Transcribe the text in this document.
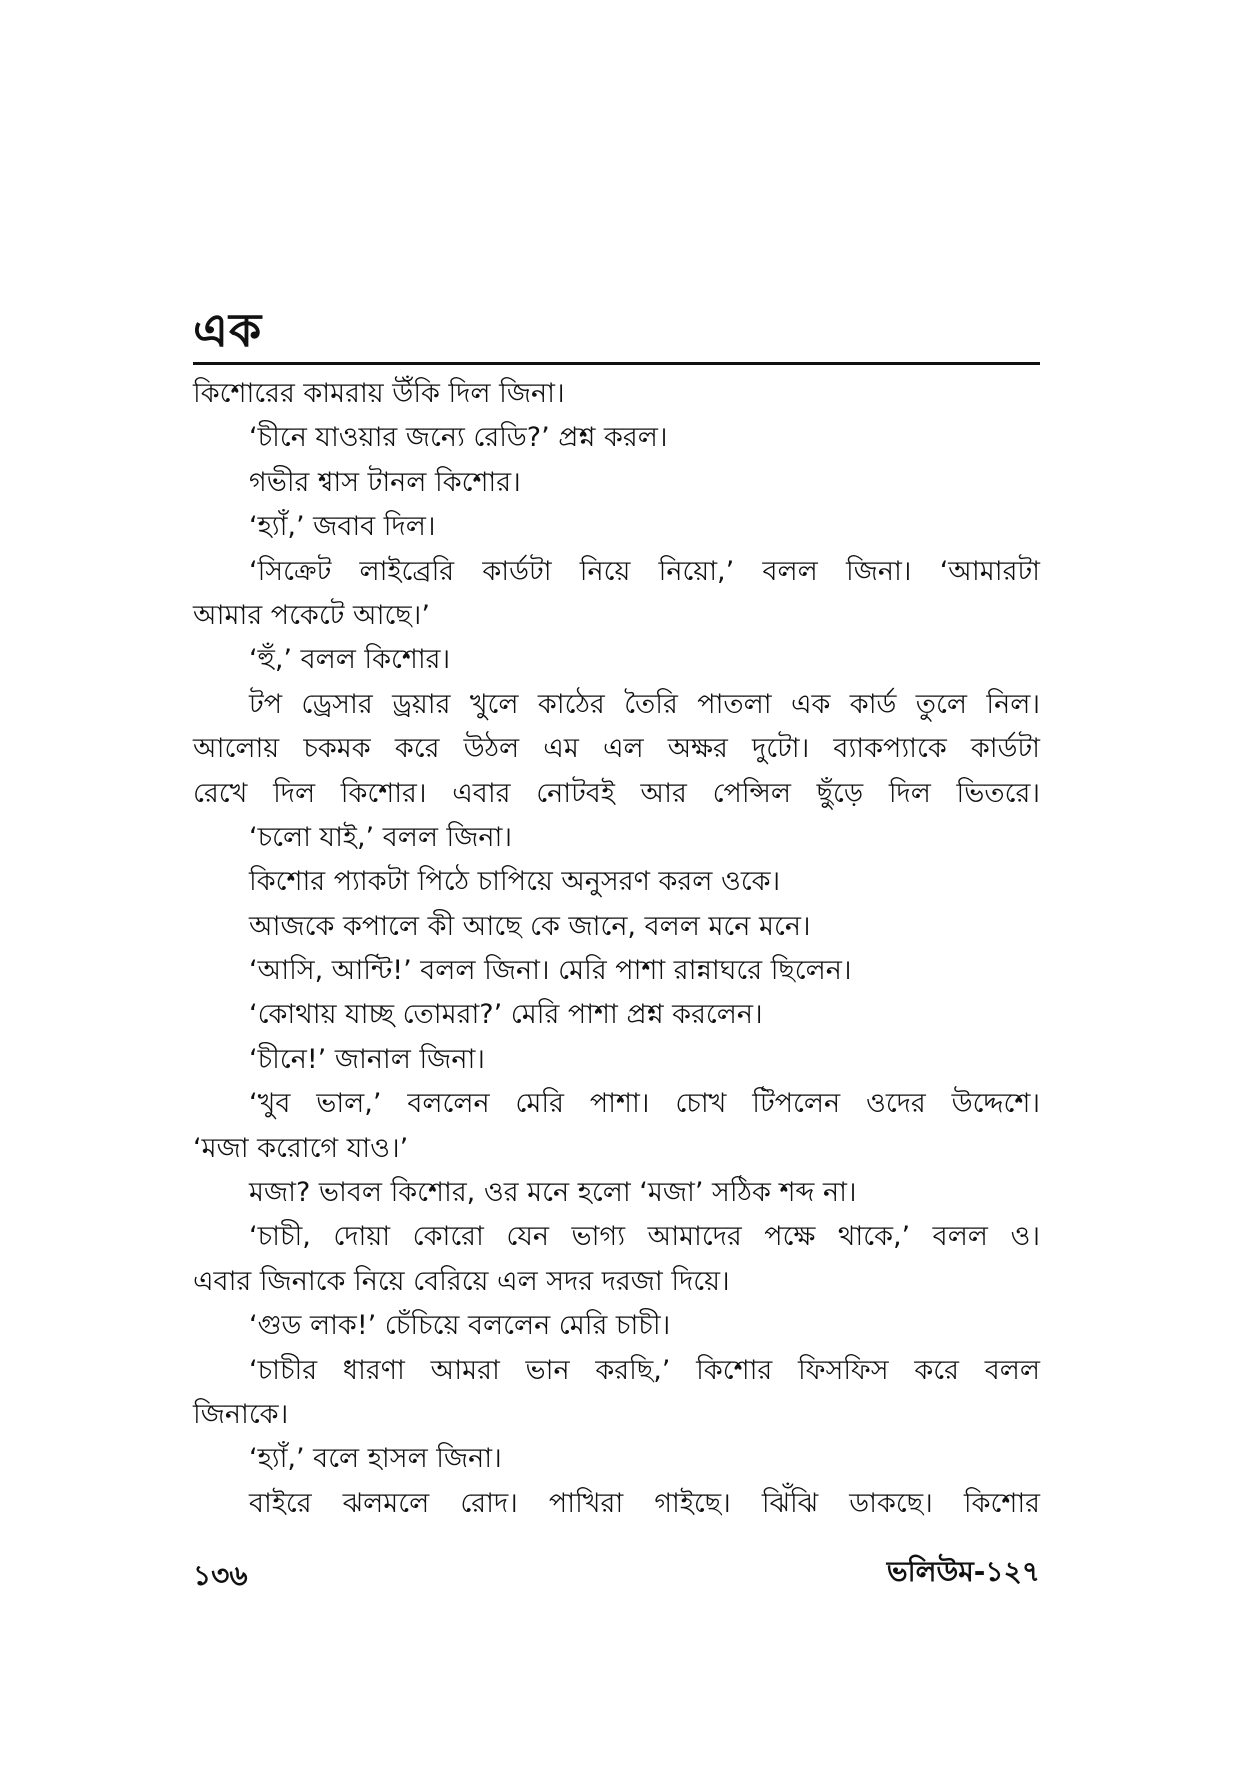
এক
কিশোরের কামরায় উঁকি দিল জিনা।
‘চীনে যাওয়ার জন্যে রেডি?’ প্রশ্ন করল।
গভীর শ্বাস টানল কিশোর।
‘হ্যাঁ,’ জবাব দিল।
‘সিক্রেট লাইব্রেরি কার্ডটা নিয়ে নিয়ো,’ বলল জিনা। ‘আমারটা
আমার পকেটে আছে।’
‘হুঁ,’ বলল কিশোর।
টপ ড্রেসার ড্রয়ার খুলে কাঠের তৈরি পাতলা এক কার্ড তুলে নিল।
আলোয় চকমক করে উঠল এম এল অক্ষর দুটো। ব্যাকপ্যাকে কার্ডটা
রেখে দিল কিশোর। এবার নোটবই আর পেন্সিল ছুঁড়ে দিল ভিতরে।
‘চলো যাই,’ বলল জিনা।
কিশোর প্যাকটা পিঠে চাপিয়ে অনুসরণ করল ওকে।
আজকে কপালে কী আছে কে জানে, বলল মনে মনে।
‘আসি, আন্টি!’ বলল জিনা। মেরি পাশা রান্নাঘরে ছিলেন।
‘কোথায় যাচ্ছ তোমরা?’ মেরি পাশা প্রশ্ন করলেন।
‘চীনে!’ জানাল জিনা।
‘খুব ভাল,’ বললেন মেরি পাশা। চোখ টিপলেন ওদের উদ্দেশে।
‘মজা করোগে যাও।’
মজা? ভাবল কিশোর, ওর মনে হলো ‘মজা’ সঠিক শব্দ না।
‘চাচী, দোয়া কোরো যেন ভাগ্য আমাদের পক্ষে থাকে,’ বলল ও।
এবার জিনাকে নিয়ে বেরিয়ে এল সদর দরজা দিয়ে।
‘গুড লাক!’ চেঁচিয়ে বললেন মেরি চাচী।
‘চাচীর ধারণা আমরা ভান করছি,’ কিশোর ফিসফিস করে বলল
জিনাকে।
‘হ্যাঁ,’ বলে হাসল জিনা।
বাইরে ঝলমলে রোদ। পাখিরা গাইছে। ঝিঁঝি ডাকছে। কিশোর
১৩৬	ভলিউম-১২৭
